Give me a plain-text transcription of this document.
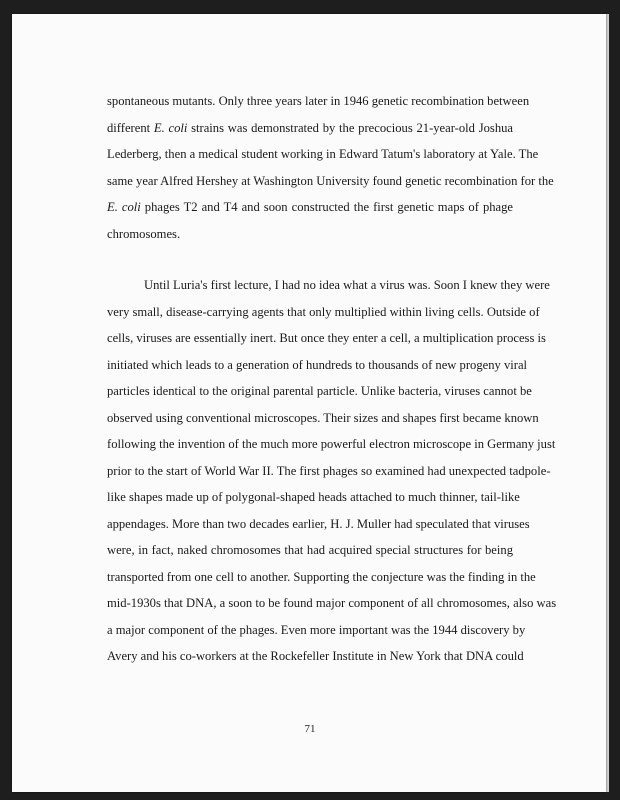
spontaneous mutants. Only three years later in 1946 genetic recombination between
different E. coli strains was demonstrated by the precocious 21-year-old Joshua
Lederberg, then a medical student working in Edward Tatum's laboratory at Yale. The
same year Alfred Hershey at Washington University found genetic recombination for the
E. coli phages T2 and T4 and soon constructed the first genetic maps of phage
chromosomes.
Until Luria's first lecture, I had no idea what a virus was. Soon I knew they were
very small, disease-carrying agents that only multiplied within living cells. Outside of
cells, viruses are essentially inert. But once they enter a cell, a multiplication process is
initiated which leads to a generation of hundreds to thousands of new progeny viral
particles identical to the original parental particle. Unlike bacteria, viruses cannot be
observed using conventional microscopes. Their sizes and shapes first became known
following the invention of the much more powerful electron microscope in Germany just
prior to the start of World War II. The first phages so examined had unexpected tadpole-
like shapes made up of polygonal-shaped heads attached to much thinner, tail-like
appendages. More than two decades earlier, H. J. Muller had speculated that viruses
were, in fact, naked chromosomes that had acquired special structures for being
transported from one cell to another. Supporting the conjecture was the finding in the
mid-1930s that DNA, a soon to be found major component of all chromosomes, also was
a major component of the phages. Even more important was the 1944 discovery by
Avery and his co-workers at the Rockefeller Institute in New York that DNA could
71
